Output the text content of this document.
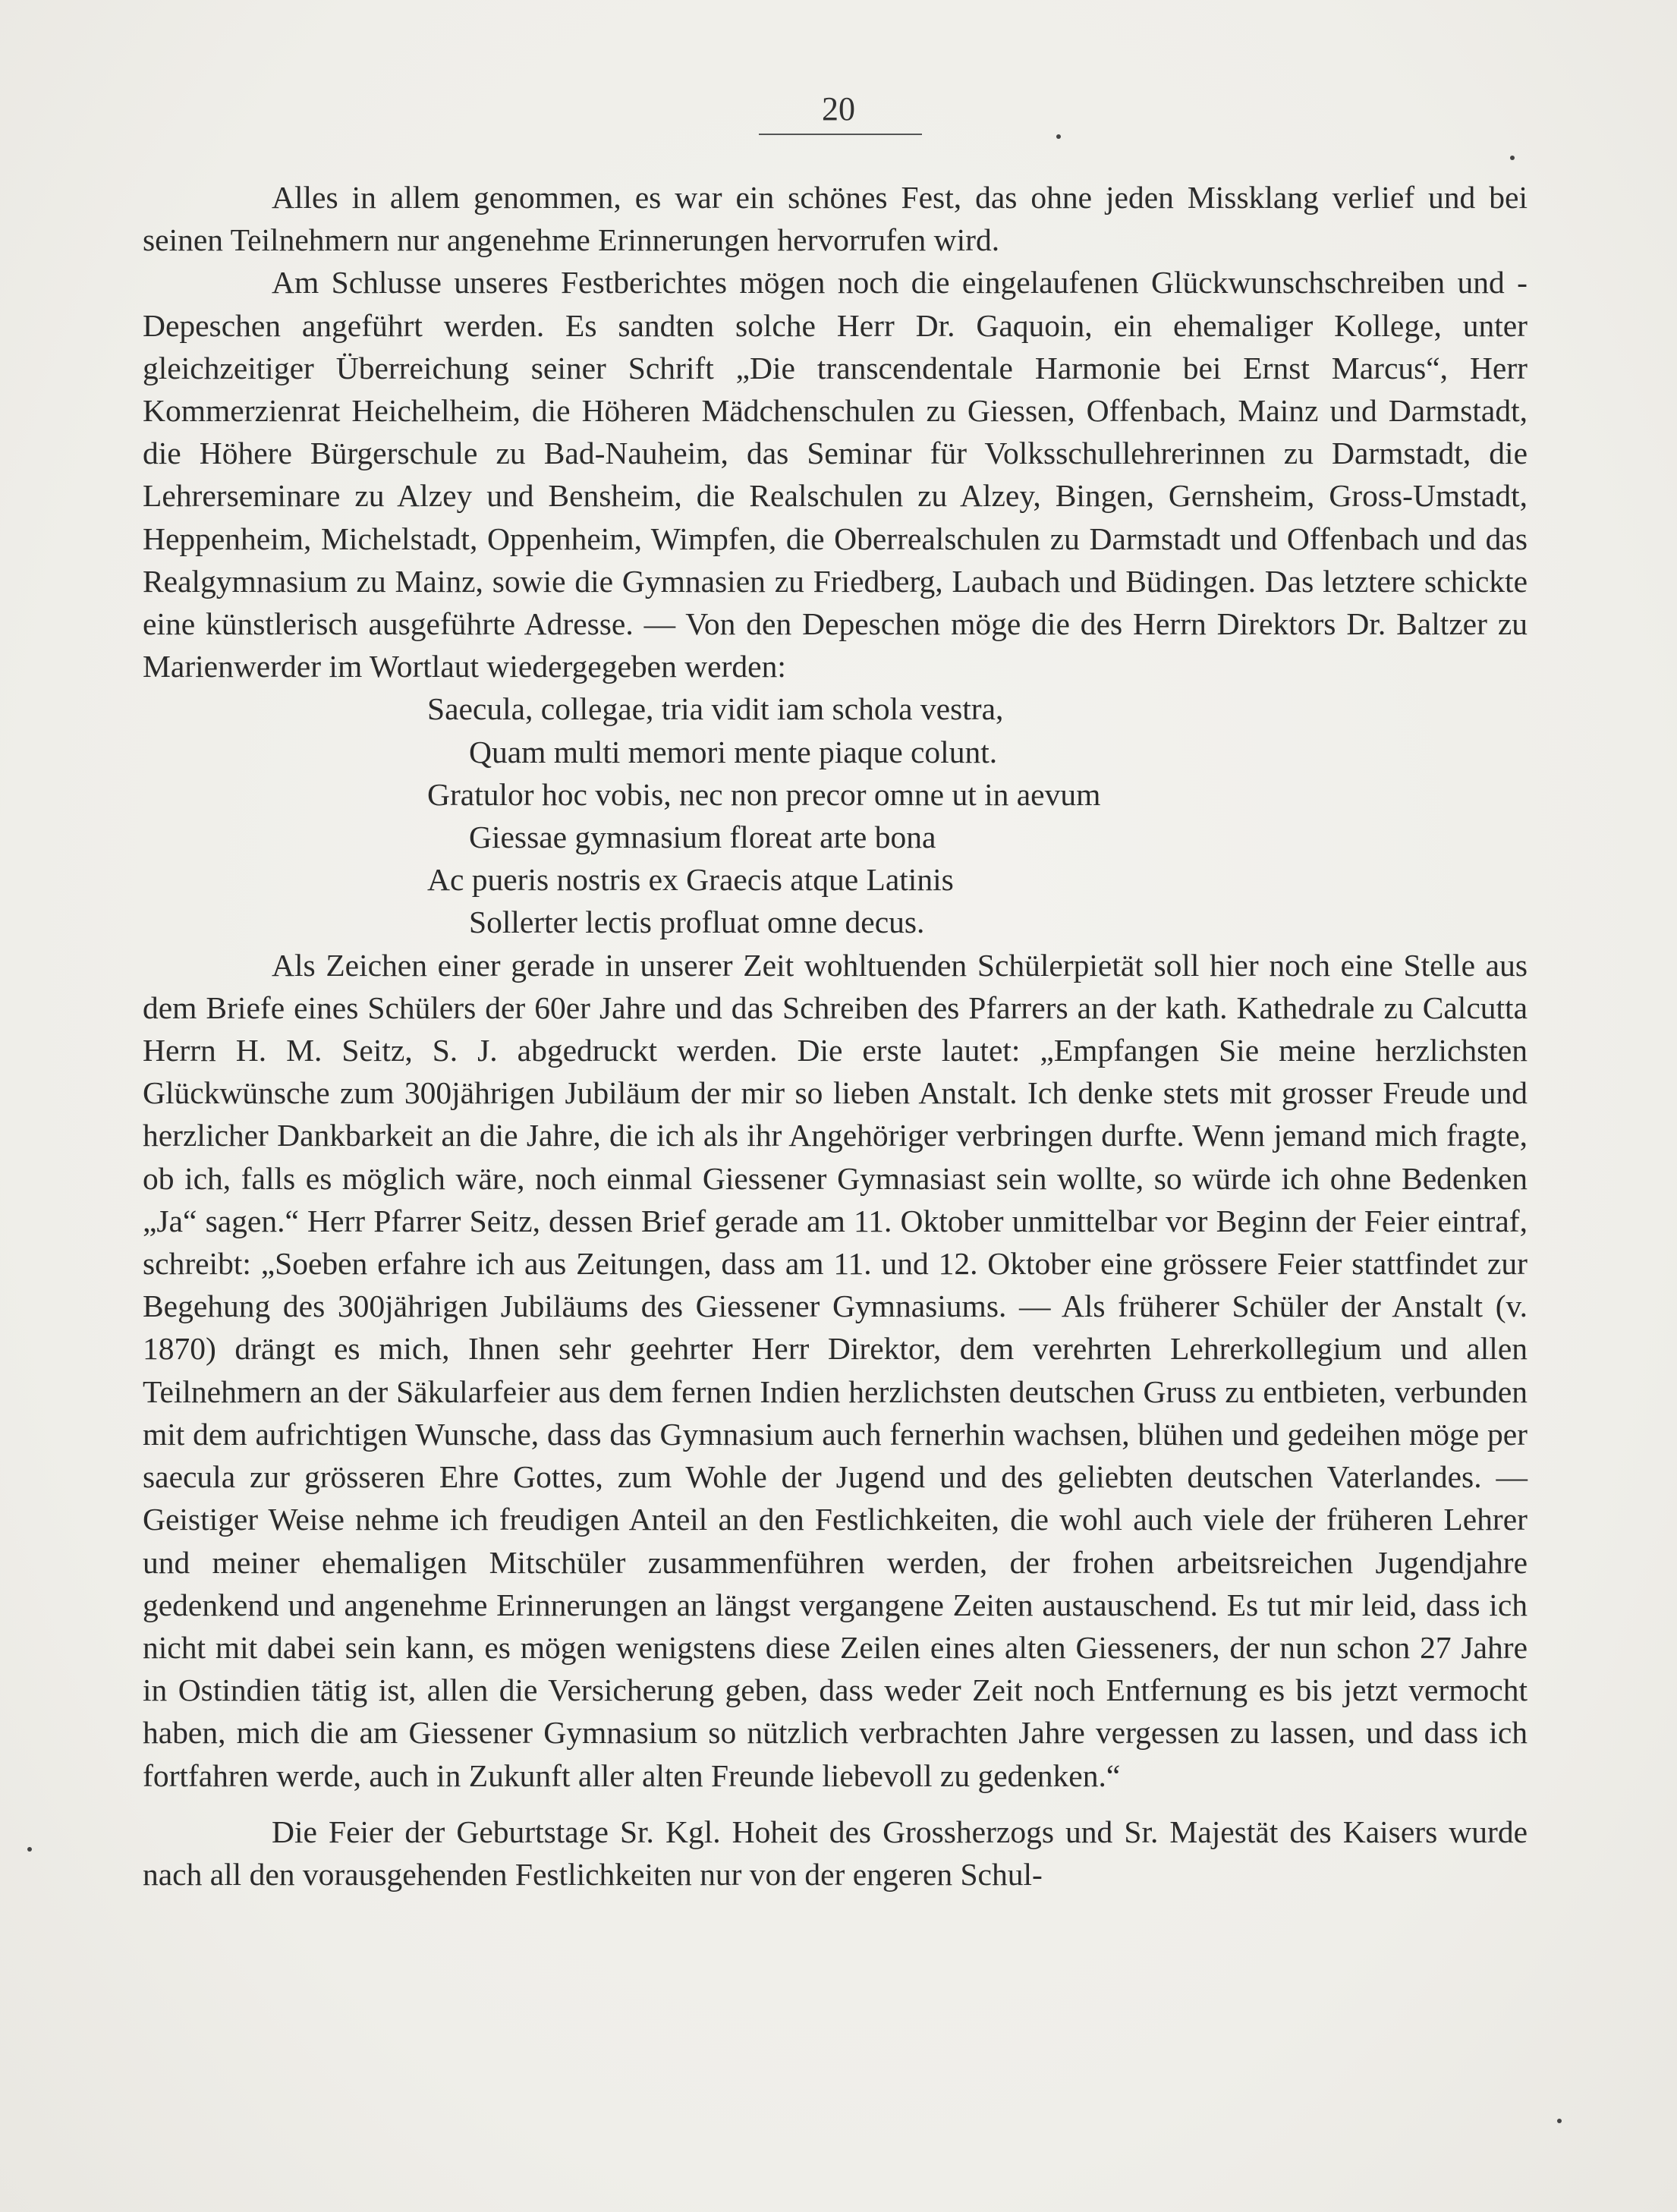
20

Alles in allem genommen, es war ein schönes Fest, das ohne jeden Missklang verlief und bei seinen Teilnehmern nur angenehme Erinnerungen hervorrufen wird.

Am Schlusse unseres Festberichtes mögen noch die eingelaufenen Glückwunschschreiben und -Depeschen angeführt werden. Es sandten solche Herr Dr. Gaquoin, ein ehemaliger Kollege, unter gleichzeitiger Überreichung seiner Schrift „Die transcendentale Harmonie bei Ernst Marcus“, Herr Kommerzienrat Heichelheim, die Höheren Mädchenschulen zu Giessen, Offenbach, Mainz und Darmstadt, die Höhere Bürgerschule zu Bad-Nauheim, das Seminar für Volksschullehrerinnen zu Darmstadt, die Lehrerseminare zu Alzey und Bensheim, die Realschulen zu Alzey, Bingen, Gernsheim, Gross-Umstadt, Heppenheim, Michelstadt, Oppenheim, Wimpfen, die Oberrealschulen zu Darmstadt und Offenbach und das Realgymnasium zu Mainz, sowie die Gymnasien zu Friedberg, Laubach und Büdingen. Das letztere schickte eine künstlerisch ausgeführte Adresse. — Von den Depeschen möge die des Herrn Direktors Dr. Baltzer zu Marienwerder im Wortlaut wiedergegeben werden:

Saecula, collegae, tria vidit iam schola vestra,
Quam multi memori mente piaque colunt.
Gratulor hoc vobis, nec non precor omne ut in aevum
Giessae gymnasium floreat arte bona
Ac pueris nostris ex Graecis atque Latinis
Sollerter lectis profluat omne decus.

Als Zeichen einer gerade in unserer Zeit wohltuenden Schülerpietät soll hier noch eine Stelle aus dem Briefe eines Schülers der 60er Jahre und das Schreiben des Pfarrers an der kath. Kathedrale zu Calcutta Herrn H. M. Seitz, S. J. abgedruckt werden. Die erste lautet: „Empfangen Sie meine herzlichsten Glückwünsche zum 300jährigen Jubiläum der mir so lieben Anstalt. Ich denke stets mit grosser Freude und herzlicher Dankbarkeit an die Jahre, die ich als ihr Angehöriger verbringen durfte. Wenn jemand mich fragte, ob ich, falls es möglich wäre, noch einmal Giessener Gymnasiast sein wollte, so würde ich ohne Bedenken „Ja“ sagen.“ Herr Pfarrer Seitz, dessen Brief gerade am 11. Oktober unmittelbar vor Beginn der Feier eintraf, schreibt: „Soeben erfahre ich aus Zeitungen, dass am 11. und 12. Oktober eine grössere Feier stattfindet zur Begehung des 300jährigen Jubiläums des Giessener Gymnasiums. — Als früherer Schüler der Anstalt (v. 1870) drängt es mich, Ihnen sehr geehrter Herr Direktor, dem verehrten Lehrerkollegium und allen Teilnehmern an der Säkularfeier aus dem fernen Indien herzlichsten deutschen Gruss zu entbieten, verbunden mit dem aufrichtigen Wunsche, dass das Gymnasium auch fernerhin wachsen, blühen und gedeihen möge per saecula zur grösseren Ehre Gottes, zum Wohle der Jugend und des geliebten deutschen Vaterlandes. — Geistiger Weise nehme ich freudigen Anteil an den Festlichkeiten, die wohl auch viele der früheren Lehrer und meiner ehemaligen Mitschüler zusammenführen werden, der frohen arbeitsreichen Jugendjahre gedenkend und angenehme Erinnerungen an längst vergangene Zeiten austauschend. Es tut mir leid, dass ich nicht mit dabei sein kann, es mögen wenigstens diese Zeilen eines alten Giesseners, der nun schon 27 Jahre in Ostindien tätig ist, allen die Versicherung geben, dass weder Zeit noch Entfernung es bis jetzt vermocht haben, mich die am Giessener Gymnasium so nützlich verbrachten Jahre vergessen zu lassen, und dass ich fortfahren werde, auch in Zukunft aller alten Freunde liebevoll zu gedenken.“

Die Feier der Geburtstage Sr. Kgl. Hoheit des Grossherzogs und Sr. Majestät des Kaisers wurde nach all den vorausgehenden Festlichkeiten nur von der engeren Schul-
